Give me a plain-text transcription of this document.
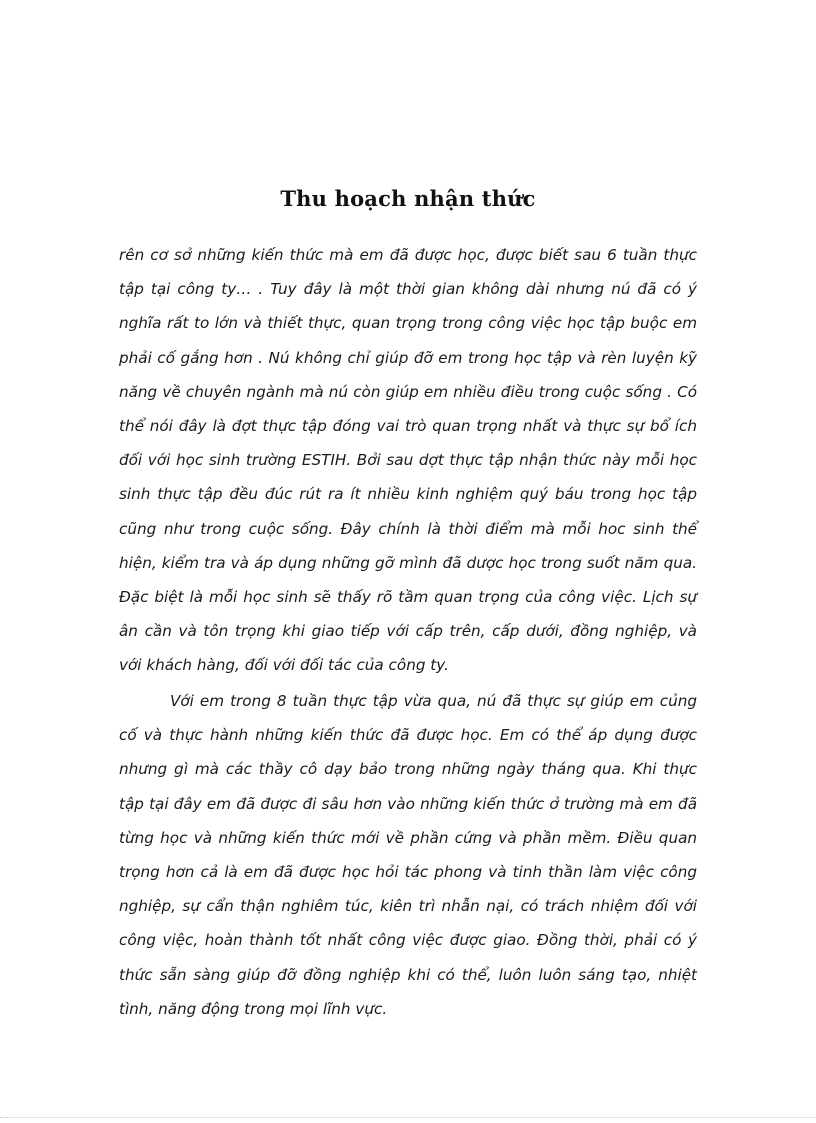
Thu hoạch nhận thức

rên cơ sở những kiến thức mà em đã được học, được biết sau 6 tuần thực tập tại công ty… . Tuy đây là một thời gian không dài nhưng nú đã có ý nghĩa rất to lớn và thiết thực, quan trọng trong công việc học tập buộc em phải cố gắng hơn . Nú không chỉ giúp đỡ em trong học tập và rèn luyện kỹ năng về chuyên ngành mà nú còn giúp em nhiều điều trong cuộc sống . Có thể nói đây là đợt thực tập đóng vai trò quan trọng nhất và thực sự bổ ích đối với học sinh trường ESTIH. Bởi sau dợt thực tập nhận thức này mỗi học sinh thực tập đều đúc rút ra ít nhiều kinh nghiệm quý báu trong học tập cũng như trong cuộc sống. Đây chính là thời điểm mà mỗi hoc sinh thể hiện, kiểm tra và áp dụng những gỡ mình đã dược học trong suốt năm qua. Đặc biệt là mỗi học sinh sẽ thấy rõ tầm quan trọng của công việc. Lịch sự ân cần và tôn trọng khi giao tiếp với cấp trên, cấp dưới, đồng nghiệp, và với khách hàng, đối với đối tác của công ty.

Với em trong 8 tuần thực tập vừa qua, nú đã thực sự giúp em củng cố và thực hành những kiến thức đã được học. Em có thể áp dụng được nhưng gì mà các thầy cô dạy bảo trong những ngày tháng qua. Khi thực tập tại đây em đã được đi sâu hơn vào những kiến thức ở trường mà em đã từng học và những kiến thức mới về phần cứng và phần mềm. Điều quan trọng hơn cả là em đã được học hỏi tác phong và tinh thần làm việc công nghiệp, sự cẩn thận nghiêm túc, kiên trì nhẫn nại, có trách nhiệm đối với công việc, hoàn thành tốt nhất công việc được giao. Đồng thời, phải có ý thức sẵn sàng giúp đỡ đồng nghiệp khi có thể, luôn luôn sáng tạo, nhiệt tình, năng động trong mọi lĩnh vực.
